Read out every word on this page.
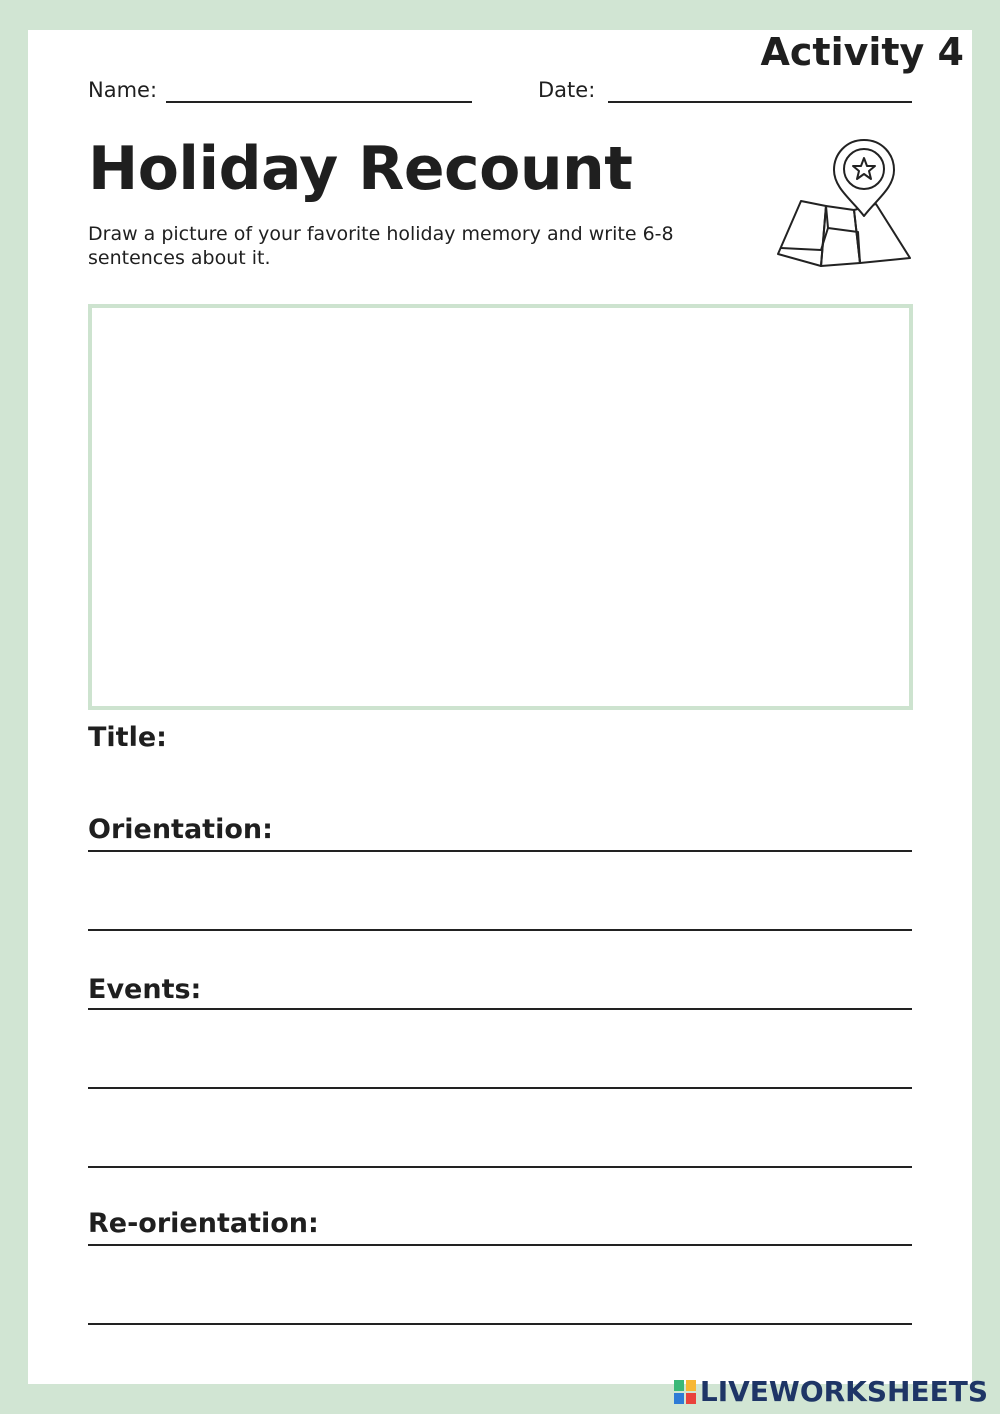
Activity 4
Name:	Date:
Holiday Recount
Draw a picture of your favorite holiday memory and write 6-8 sentences about it.
Title:
Orientation:
Events:
Re-orientation:
LIVEWORKSHEETS
